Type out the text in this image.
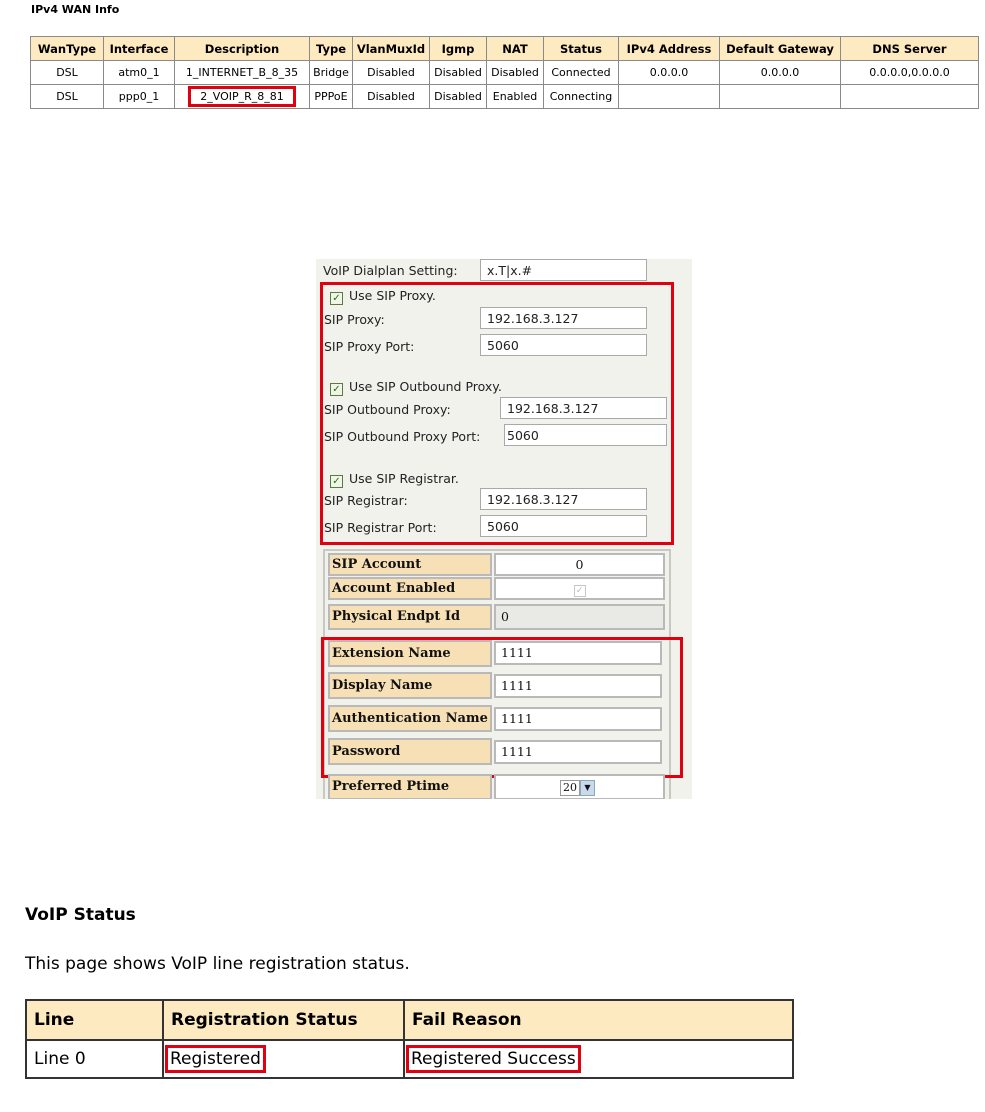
IPv4 WAN Info
WanType	Interface	Description	Type	VlanMuxId	Igmp	NAT	Status	IPv4 Address	Default Gateway	DNS Server
DSL	atm0_1	1_INTERNET_B_8_35	Bridge	Disabled	Disabled	Disabled	Connected	0.0.0.0	0.0.0.0	0.0.0.0,0.0.0.0
DSL	ppp0_1	2_VOIP_R_8_81	PPPoE	Disabled	Disabled	Enabled	Connecting			
VoIP Dialplan Setting:	x.T|x.#
✓ Use SIP Proxy.
SIP Proxy:	192.168.3.127
SIP Proxy Port:	5060
✓ Use SIP Outbound Proxy.
SIP Outbound Proxy:	192.168.3.127
SIP Outbound Proxy Port: 5060
✓ Use SIP Registrar.
SIP Registrar:	192.168.3.127
SIP Registrar Port:	5060
SIP Account	0
Account Enabled	✓
Physical Endpt Id	0
Extension Name	1111
Display Name	1111
Authentication Name	1111
Password	1111
Preferred Ptime	20 ▼
VoIP Status
This page shows VoIP line registration status.
Line	Registration Status	Fail Reason
Line 0	Registered	Registered Success
